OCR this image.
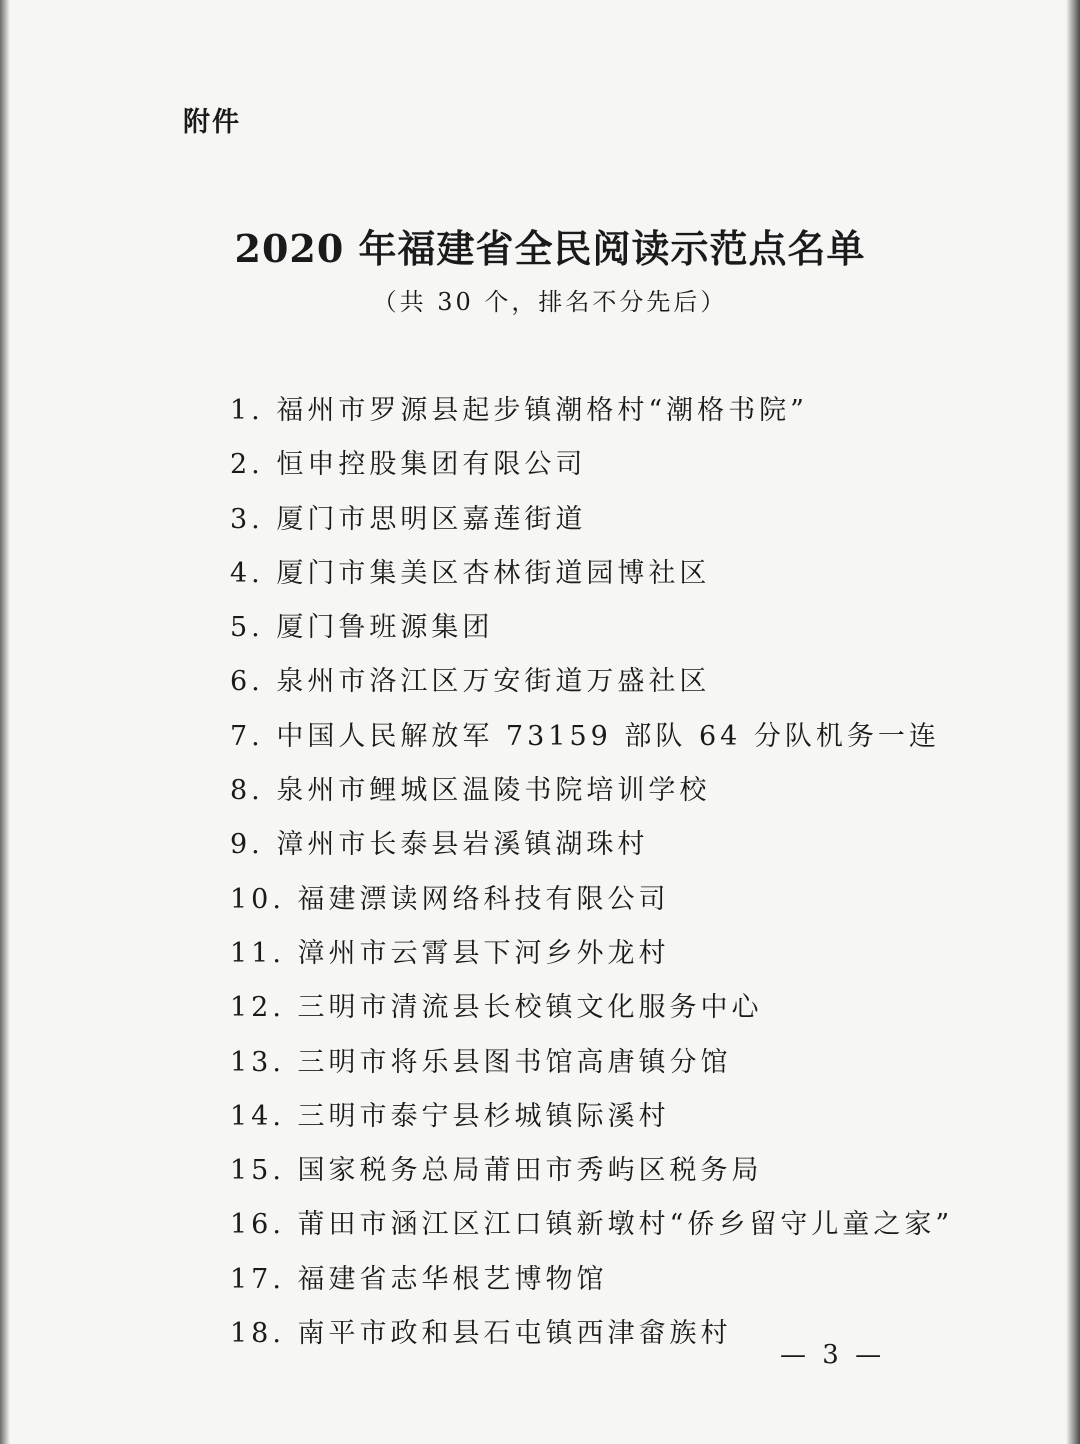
附件
2020 年福建省全民阅读示范点名单
（共 30 个，排名不分先后）
1. 福州市罗源县起步镇潮格村“潮格书院”
2. 恒申控股集团有限公司
3. 厦门市思明区嘉莲街道
4. 厦门市集美区杏林街道园博社区
5. 厦门鲁班源集团
6. 泉州市洛江区万安街道万盛社区
7. 中国人民解放军 73159 部队 64 分队机务一连
8. 泉州市鲤城区温陵书院培训学校
9. 漳州市长泰县岩溪镇湖珠村
10. 福建漂读网络科技有限公司
11. 漳州市云霄县下河乡外龙村
12. 三明市清流县长校镇文化服务中心
13. 三明市将乐县图书馆高唐镇分馆
14. 三明市泰宁县杉城镇际溪村
15. 国家税务总局莆田市秀屿区税务局
16. 莆田市涵江区江口镇新墩村“侨乡留守儿童之家”
17. 福建省志华根艺博物馆
18. 南平市政和县石屯镇西津畲族村
— 3 —
